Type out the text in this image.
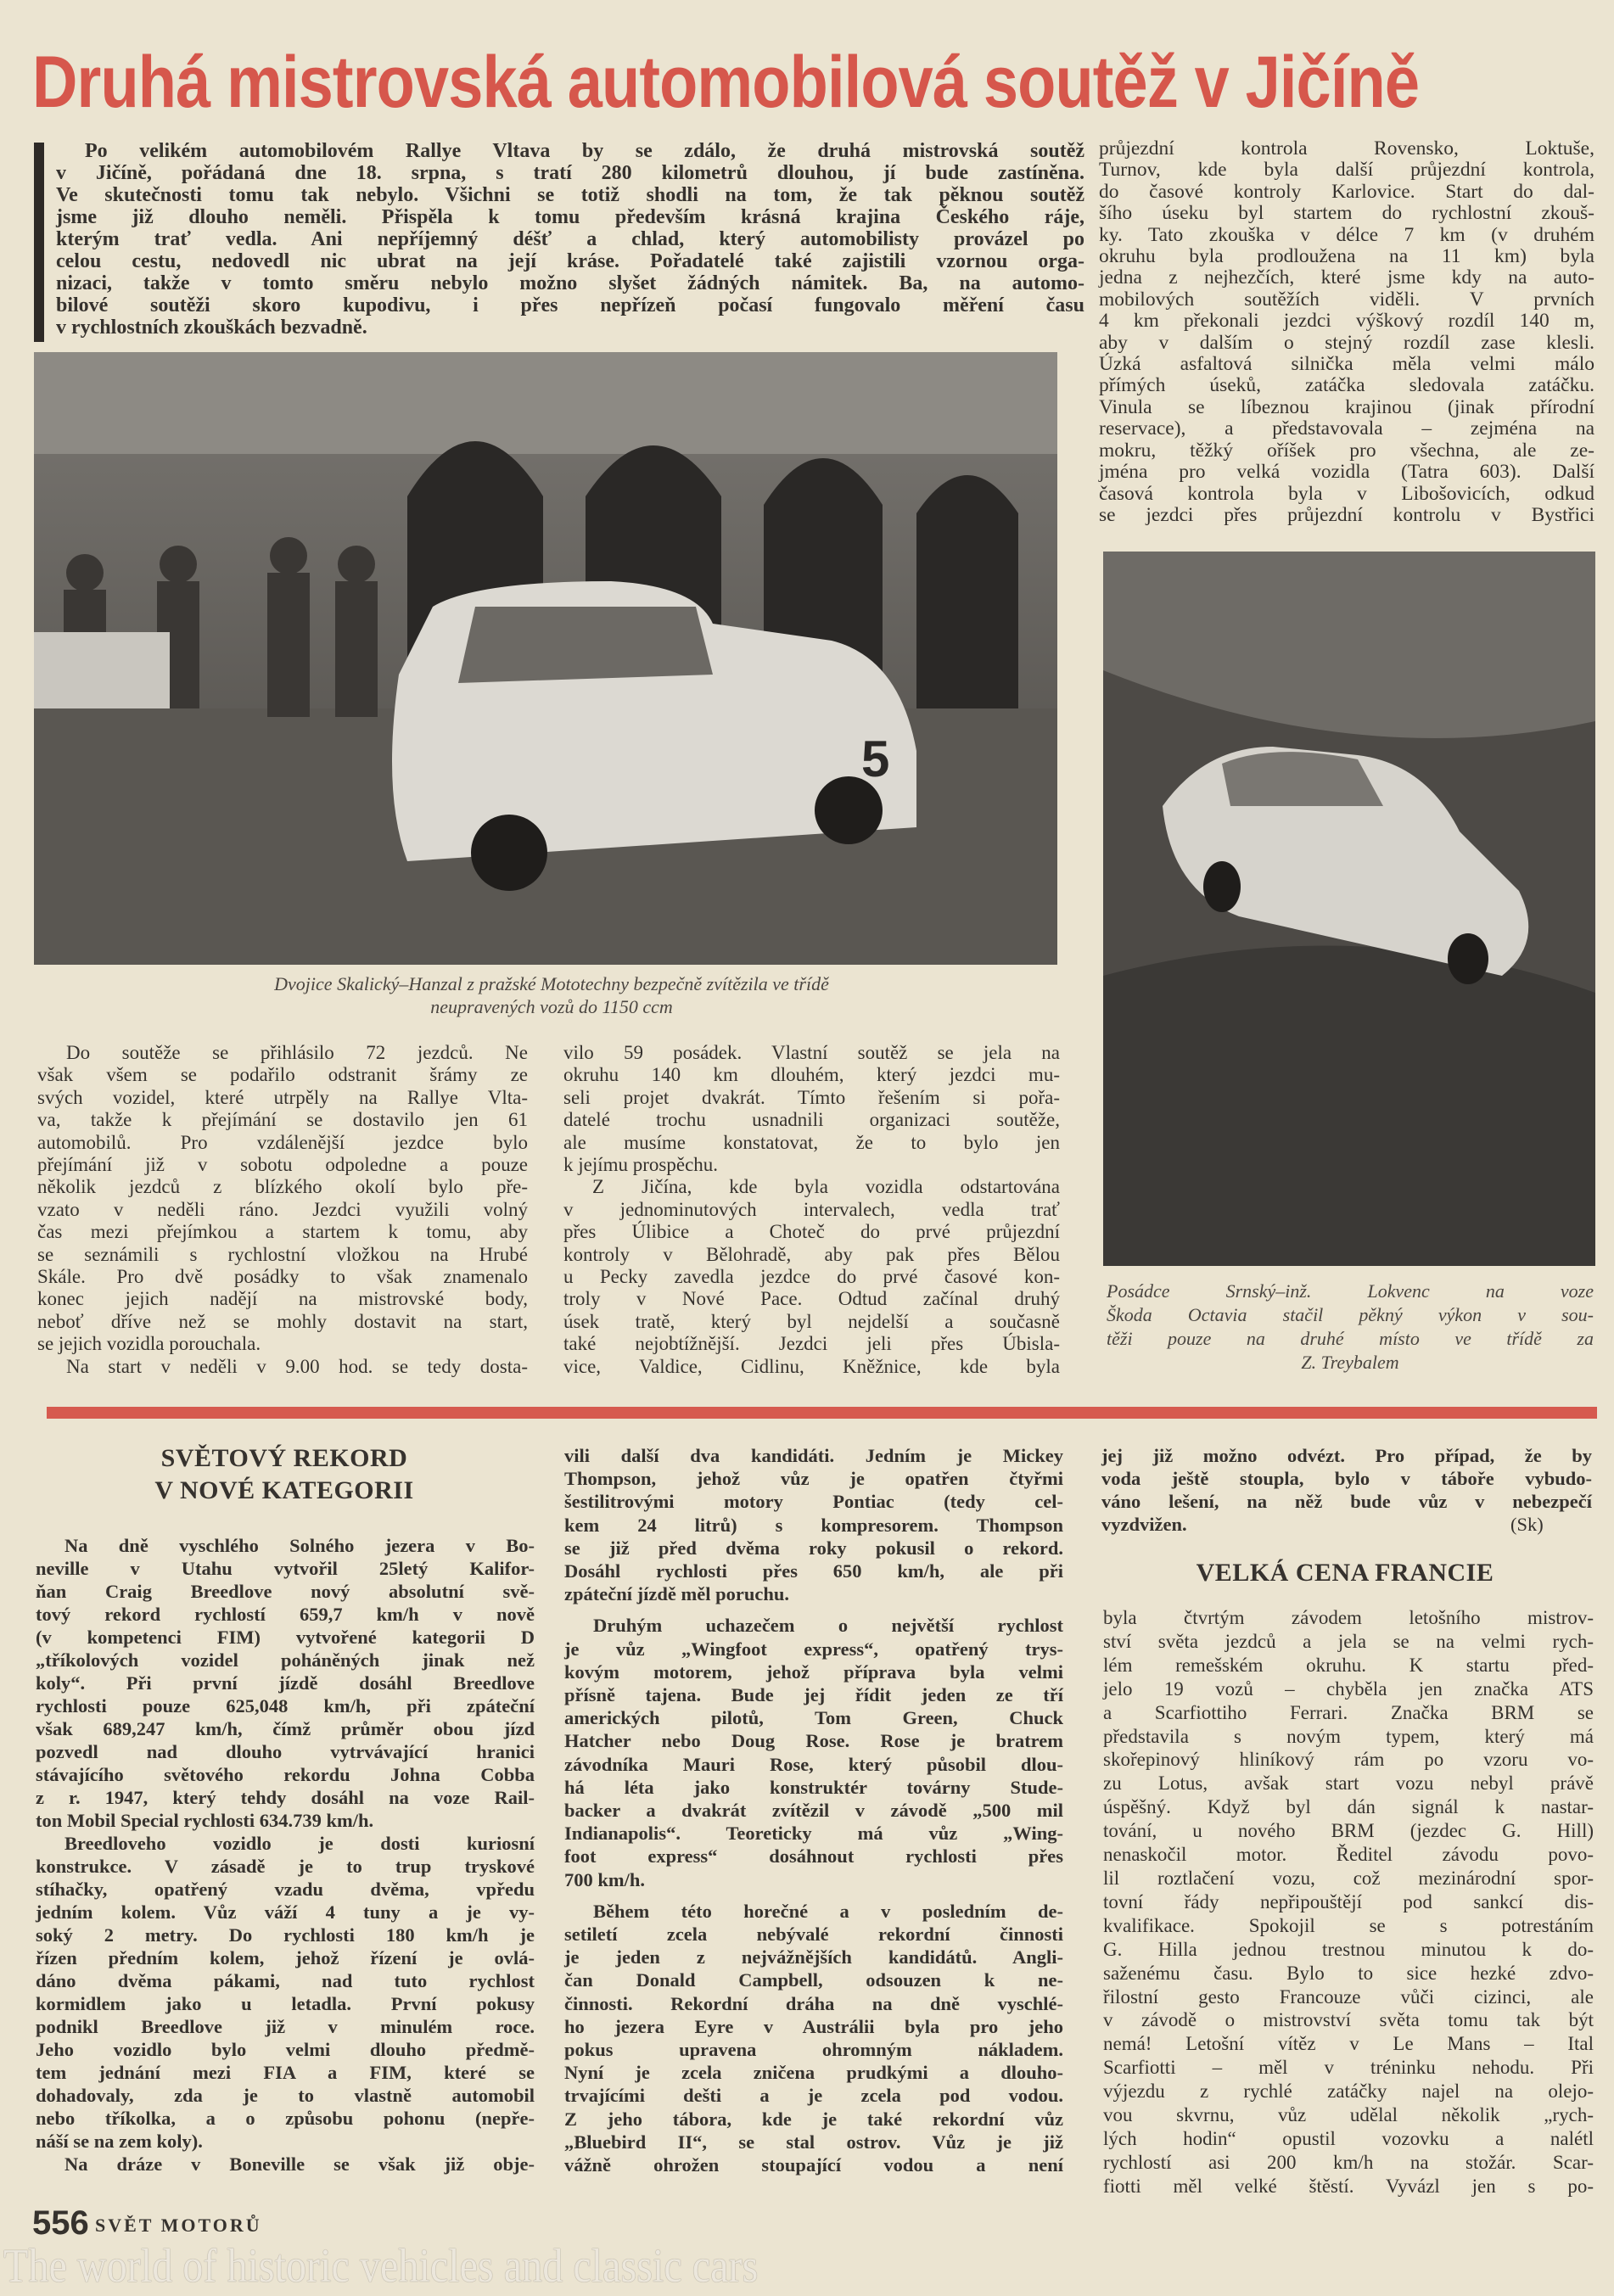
Druhá mistrovská automobilová soutěž v Jičíně
Po velikém automobilovém Rallye Vltava by se zdálo, že druhá mistrovská soutěž
v Jičíně, pořádaná dne 18. srpna, s tratí 280 kilometrů dlouhou, jí bude zastíněna.
Ve skutečnosti tomu tak nebylo. Všichni se totiž shodli na tom, že tak pěknou soutěž
jsme již dlouho neměli. Přispěla k tomu především krásná krajina Českého ráje,
kterým trať vedla. Ani nepříjemný déšť a chlad, který automobilisty provázel po
celou cestu, nedovedl nic ubrat na její kráse. Pořadatelé také zajistili vzornou orga-
nizaci, takže v tomto směru nebylo možno slyšet žádných námitek. Ba, na automo-
bilové soutěži skoro kupodivu, i přes nepřízeň počasí fungovalo měření času
v rychlostních zkouškách bezvadně.
průjezdní kontrola Rovensko, Loktuše,
Turnov, kde byla další průjezdní kontrola,
do časové kontroly Karlovice. Start do dal-
šího úseku byl startem do rychlostní zkouš-
ky. Tato zkouška v délce 7 km (v druhém
okruhu byla prodloužena na 11 km) byla
jedna z nejhezčích, které jsme kdy na auto-
mobilových soutěžích viděli. V prvních
4 km překonali jezdci výškový rozdíl 140 m,
aby v dalším o stejný rozdíl zase klesli.
Úzká asfaltová silnička měla velmi málo
přímých úseků, zatáčka sledovala zatáčku.
Vinula se líbeznou krajinou (jinak přírodní
reservace), a představovala – zejména na
mokru, těžký oříšek pro všechna, ale ze-
jména pro velká vozidla (Tatra 603). Další
časová kontrola byla v Libošovicích, odkud
se jezdci přes průjezdní kontrolu v Bystřici
5
Dvojice Skalický–Hanzal z pražské Mototechny bezpečně zvítězila ve třídě
neupravených vozů do 1150 ccm
Do soutěže se přihlásilo 72 jezdců. Ne
však všem se podařilo odstranit šrámy ze
svých vozidel, které utrpěly na Rallye Vlta-
va, takže k přejímání se dostavilo jen 61
automobilů. Pro vzdálenější jezdce bylo
přejímání již v sobotu odpoledne a pouze
několik jezdců z blízkého okolí bylo pře-
vzato v neděli ráno. Jezdci využili volný
čas mezi přejímkou a startem k tomu, aby
se seznámili s rychlostní vložkou na Hrubé
Skále. Pro dvě posádky to však znamenalo
konec jejich nadějí na mistrovské body,
neboť dříve než se mohly dostavit na start,
se jejich vozidla porouchala.
Na start v neděli v 9.00 hod. se tedy dosta-
vilo 59 posádek. Vlastní soutěž se jela na
okruhu 140 km dlouhém, který jezdci mu-
seli projet dvakrát. Tímto řešením si pořa-
datelé trochu usnadnili organizaci soutěže,
ale musíme konstatovat, že to bylo jen
k jejímu prospěchu.
Z Jičína, kde byla vozidla odstartována
v jednominutových intervalech, vedla trať
přes Úlibice a Choteč do prvé průjezdní
kontroly v Bělohradě, aby pak přes Bělou
u Pecky zavedla jezdce do prvé časové kon-
troly v Nové Pace. Odtud začínal druhý
úsek tratě, který byl nejdelší a současně
také nejobtížnější. Jezdci jeli přes Úbisla-
vice, Valdice, Cidlinu, Kněžnice, kde byla
Posádce Srnský–inž. Lokvenc na voze
Škoda Octavia stačil pěkný výkon v sou-
těži pouze na druhé místo ve třídě za
Z. Treybalem
SVĚTOVÝ REKORD
V NOVÉ KATEGORII
Na dně vyschlého Solného jezera v Bo-
neville v Utahu vytvořil 25letý Kalifor-
ňan Craig Breedlove nový absolutní svě-
tový rekord rychlostí 659,7 km/h v nově
(v kompetenci FIM) vytvořené kategorii D
„tříkolových vozidel poháněných jinak než
koly“. Při první jízdě dosáhl Breedlove
rychlosti pouze 625,048 km/h, při zpáteční
však 689,247 km/h, čímž průměr obou jízd
pozvedl nad dlouho vytrvávající hranici
stávajícího světového rekordu Johna Cobba
z r. 1947, který tehdy dosáhl na voze Rail-
ton Mobil Special rychlosti 634.739 km/h.
Breedloveho vozidlo je dosti kuriosní
konstrukce. V zásadě je to trup tryskové
stíhačky, opatřený vzadu dvěma, vpředu
jedním kolem. Vůz váží 4 tuny a je vy-
soký 2 metry. Do rychlosti 180 km/h je
řízen předním kolem, jehož řízení je ovlá-
dáno dvěma pákami, nad tuto rychlost
kormidlem jako u letadla. První pokusy
podnikl Breedlove již v minulém roce.
Jeho vozidlo bylo velmi dlouho předmě-
tem jednání mezi FIA a FIM, které se
dohadovaly, zda je to vlastně automobil
nebo tříkolka, a o způsobu pohonu (nepře-
náší se na zem koly).
Na dráze v Boneville se však již obje-
vili další dva kandidáti. Jedním je Mickey
Thompson, jehož vůz je opatřen čtyřmi
šestilitrovými motory Pontiac (tedy cel-
kem 24 litrů) s kompresorem. Thompson
se již před dvěma roky pokusil o rekord.
Dosáhl rychlosti přes 650 km/h, ale při
zpáteční jízdě měl poruchu.
Druhým uchazečem o největší rychlost
je vůz „Wingfoot express“, opatřený trys-
kovým motorem, jehož příprava byla velmi
přísně tajena. Bude jej řídit jeden ze tří
amerických pilotů, Tom Green, Chuck
Hatcher nebo Doug Rose. Rose je bratrem
závodníka Mauri Rose, který působil dlou-
há léta jako konstruktér továrny Stude-
backer a dvakrát zvítězil v závodě „500 mil
Indianapolis“. Teoreticky má vůz „Wing-
foot express“ dosáhnout rychlosti přes
700 km/h.
Během této horečné a v posledním de-
setiletí zcela nebývalé rekordní činnosti
je jeden z nejvážnějších kandidátů. Angli-
čan Donald Campbell, odsouzen k ne-
činnosti. Rekordní dráha na dně vyschlé-
ho jezera Eyre v Austrálii byla pro jeho
pokus upravena ohromným nákladem.
Nyní je zcela zničena prudkými a dlouho-
trvajícími dešti a je zcela pod vodou.
Z jeho tábora, kde je také rekordní vůz
„Bluebird II“, se stal ostrov. Vůz je již
vážně ohrožen stoupající vodou a není
jej již možno odvézt. Pro případ, že by
voda ještě stoupla, bylo v táboře vybudo-
váno lešení, na něž bude vůz v nebezpečí
vyzdvižen.	(Sk)
VELKÁ CENA FRANCIE
byla čtvrtým závodem letošního mistrov-
ství světa jezdců a jela se na velmi rych-
lém remešském okruhu. K startu před-
jelo 19 vozů – chyběla jen značka ATS
a Scarfiottiho Ferrari. Značka BRM se
představila s novým typem, který má
skořepinový hliníkový rám po vzoru vo-
zu Lotus, avšak start vozu nebyl právě
úspěšný. Když byl dán signál k nastar-
tování, u nového BRM (jezdec G. Hill)
nenaskočil motor. Ředitel závodu povo-
lil roztlačení vozu, což mezinárodní spor-
tovní řády nepřipouštějí pod sankcí dis-
kvalifikace. Spokojil se s potrestáním
G. Hilla jednou trestnou minutou k do-
saženému času. Bylo to sice hezké zdvo-
řilostní gesto Francouze vůči cizinci, ale
v závodě o mistrovství světa tomu tak být
nemá! Letošní vítěz v Le Mans – Ital
Scarfiotti – měl v tréninku nehodu. Při
výjezdu z rychlé zatáčky najel na olejo-
vou skvrnu, vůz udělal několik „rych-
lých hodin“ opustil vozovku a nalétl
rychlostí asi 200 km/h na stožár. Scar-
fiotti měl velké štěstí. Vyvázl jen s po-
556 SVĚT MOTORŮ
The world of historic vehicles and classic cars
